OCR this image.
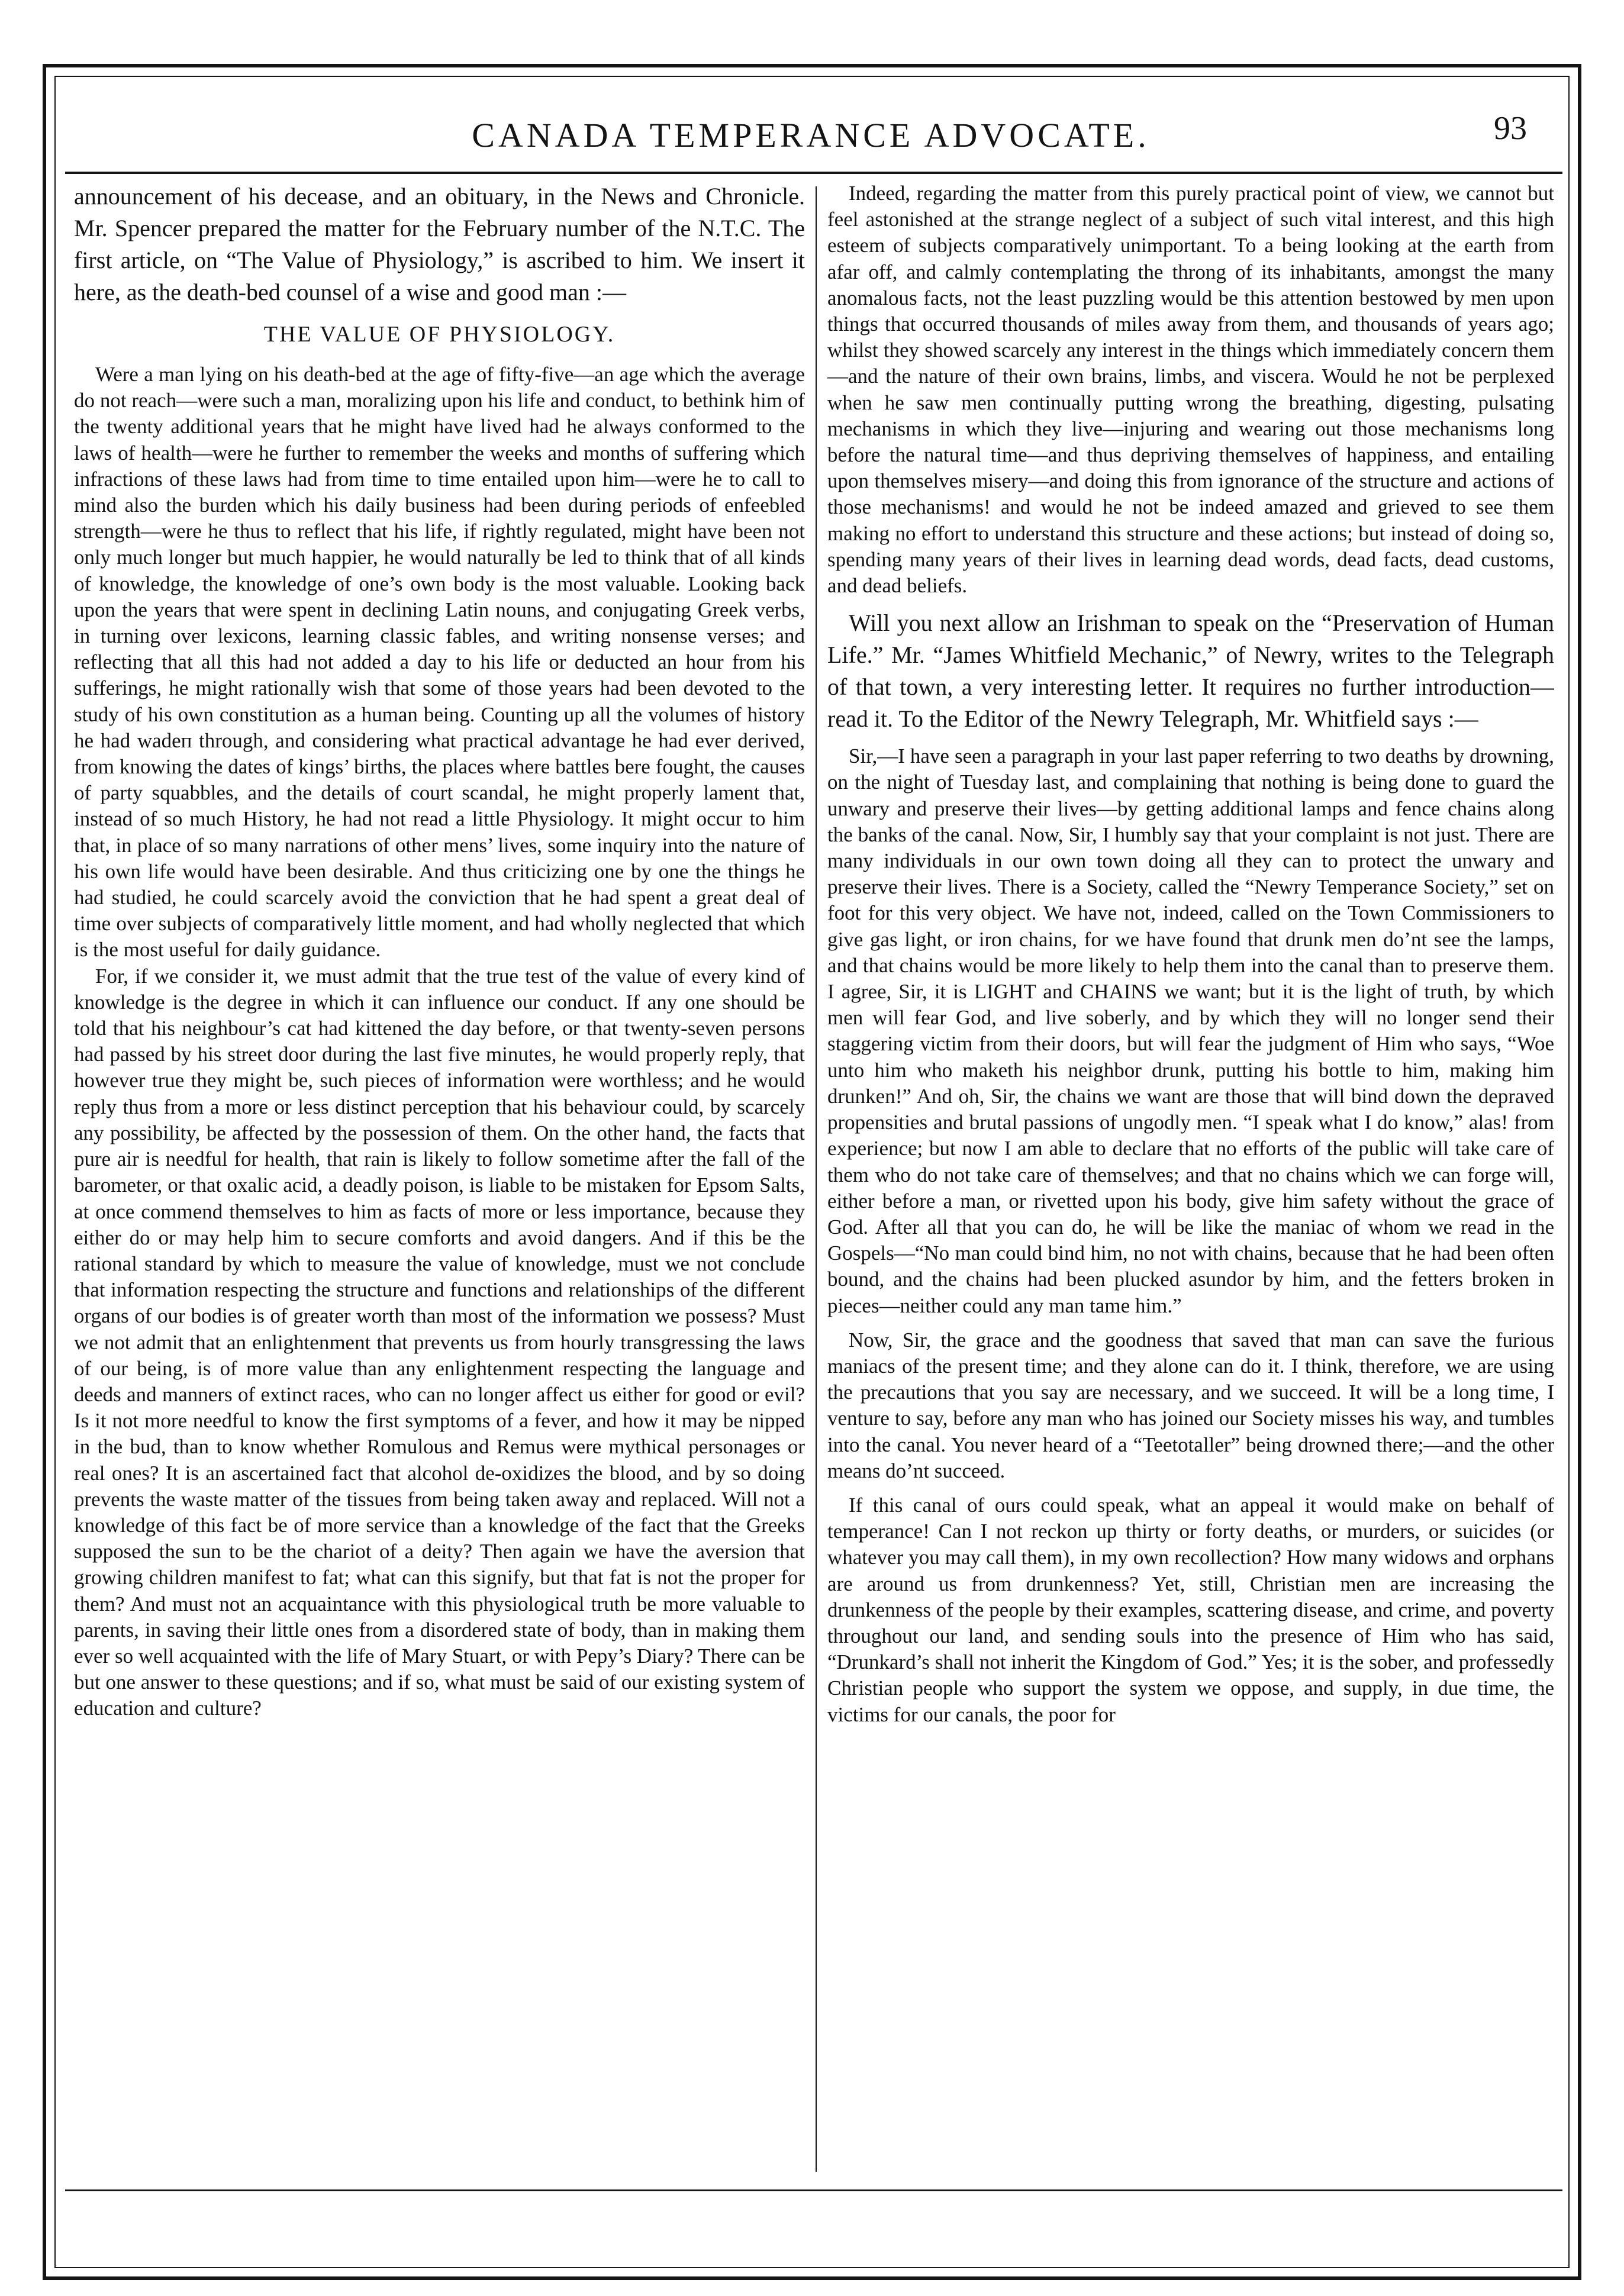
CANADA TEMPERANCE ADVOCATE.	93

announcement of his decease, and an obituary, in the News and Chronicle. Mr. Spencer prepared the matter for the February number of the N.T.C. The first article, on “The Value of Physiology,” is ascribed to him. We insert it here, as the death-bed counsel of a wise and good man :—

THE VALUE OF PHYSIOLOGY.

Were a man lying on his death-bed at the age of fifty-five—an age which the average do not reach—were such a man, moralizing upon his life and conduct, to bethink him of the twenty additional years that he might have lived had he always conformed to the laws of health—were he further to remember the weeks and months of suffering which infractions of these laws had from time to time entailed upon him—were he to call to mind also the burden which his daily business had been during periods of enfeebled strength—were he thus to reflect that his life, if rightly regulated, might have been not only much longer but much happier, he would naturally be led to think that of all kinds of knowledge, the knowledge of one’s own body is the most valuable. Looking back upon the years that were spent in declining Latin nouns, and conjugating Greek verbs, in turning over lexicons, learning classic fables, and writing nonsense verses; and reflecting that all this had not added a day to his life or deducted an hour from his sufferings, he might rationally wish that some of those years had been devoted to the study of his own constitution as a human being. Counting up all the volumes of history he had wadeп through, and considering what practical advantage he had ever derived, from knowing the dates of kings’ births, the places where battles bere fought, the causes of party squabbles, and the details of court scandal, he might properly lament that, instead of so much History, he had not read a little Physiology. It might occur to him that, in place of so many narrations of other mens’ lives, some inquiry into the nature of his own life would have been desirable. And thus criticizing one by one the things he had studied, he could scarcely avoid the conviction that he had spent a great deal of time over subjects of comparatively little moment, and had wholly neglected that which is the most useful for daily guidance.

For, if we consider it, we must admit that the true test of the value of every kind of knowledge is the degree in which it can influence our conduct. If any one should be told that his neighbour’s cat had kittened the day before, or that twenty-seven persons had passed by his street door during the last five minutes, he would properly reply, that however true they might be, such pieces of information were worthless; and he would reply thus from a more or less distinct perception that his behaviour could, by scarcely any possibility, be affected by the possession of them. On the other hand, the facts that pure air is needful for health, that rain is likely to follow sometime after the fall of the barometer, or that oxalic acid, a deadly poison, is liable to be mistaken for Epsom Salts, at once commend themselves to him as facts of more or less importance, because they either do or may help him to secure comforts and avoid dangers. And if this be the rational standard by which to measure the value of knowledge, must we not conclude that information respecting the structure and functions and relationships of the different organs of our bodies is of greater worth than most of the information we possess? Must we not admit that an enlightenment that prevents us from hourly transgressing the laws of our being, is of more value than any enlightenment respecting the language and deeds and manners of extinct races, who can no longer affect us either for good or evil? Is it not more needful to know the first symptoms of a fever, and how it may be nipped in the bud, than to know whether Romulous and Remus were mythical personages or real ones? It is an ascertained fact that alcohol de-oxidizes the blood, and by so doing prevents the waste matter of the tissues from being taken away and replaced. Will not a knowledge of this fact be of more service than a knowledge of the fact that the Greeks supposed the sun to be the chariot of a deity? Then again we have the aversion that growing children manifest to fat; what can this signify, but that fat is not the proper for them? And must not an acquaintance with this physiological truth be more valuable to parents, in saving their little ones from a disordered state of body, than in making them ever so well acquainted with the life of Mary Stuart, or with Pepy’s Diary? There can be but one answer to these questions; and if so, what must be said of our existing system of education and culture?

Indeed, regarding the matter from this purely practical point of view, we cannot but feel astonished at the strange neglect of a subject of such vital interest, and this high esteem of subjects comparatively unimportant. To a being looking at the earth from afar off, and calmly contemplating the throng of its inhabitants, amongst the many anomalous facts, not the least puzzling would be this attention bestowed by men upon things that occurred thousands of miles away from them, and thousands of years ago; whilst they showed scarcely any interest in the things which immediately concern them—and the nature of their own brains, limbs, and viscera. Would he not be perplexed when he saw men continually putting wrong the breathing, digesting, pulsating mechanisms in which they live—injuring and wearing out those mechanisms long before the natural time—and thus depriving themselves of happiness, and entailing upon themselves misery—and doing this from ignorance of the structure and actions of those mechanisms! and would he not be indeed amazed and grieved to see them making no effort to understand this structure and these actions; but instead of doing so, spending many years of their lives in learning dead words, dead facts, dead customs, and dead beliefs.

Will you next allow an Irishman to speak on the “Preservation of Human Life.” Mr. “James Whitfield Mechanic,” of Newry, writes to the Telegraph of that town, a very interesting letter. It requires no further introduction—read it. To the Editor of the Newry Telegraph, Mr. Whitfield says :—

Sir,—I have seen a paragraph in your last paper referring to two deaths by drowning, on the night of Tuesday last, and complaining that nothing is being done to guard the unwary and preserve their lives—by getting additional lamps and fence chains along the banks of the canal. Now, Sir, I humbly say that your complaint is not just. There are many individuals in our own town doing all they can to protect the unwary and preserve their lives. There is a Society, called the “Newry Temperance Society,” set on foot for this very object. We have not, indeed, called on the Town Commissioners to give gas light, or iron chains, for we have found that drunk men do’nt see the lamps, and that chains would be more likely to help them into the canal than to preserve them. I agree, Sir, it is LIGHT and CHAINS we want; but it is the light of truth, by which men will fear God, and live soberly, and by which they will no longer send their staggering victim from their doors, but will fear the judgment of Him who says, “Woe unto him who maketh his neighbor drunk, putting his bottle to him, making him drunken!” And oh, Sir, the chains we want are those that will bind down the depraved propensities and brutal passions of ungodly men. “I speak what I do know,” alas! from experience; but now I am able to declare that no efforts of the public will take care of them who do not take care of themselves; and that no chains which we can forge will, either before a man, or rivetted upon his body, give him safety without the grace of God. After all that you can do, he will be like the maniac of whom we read in the Gospels—“No man could bind him, no not with chains, because that he had been often bound, and the chains had been plucked asundor by him, and the fetters broken in pieces—neither could any man tame him.”

Now, Sir, the grace and the goodness that saved that man can save the furious maniacs of the present time; and they alone can do it. I think, therefore, we are using the precautions that you say are necessary, and we succeed. It will be a long time, I venture to say, before any man who has joined our Society misses his way, and tumbles into the canal. You never heard of a “Teetotaller” being drowned there;—and the other means do’nt succeed.

If this canal of ours could speak, what an appeal it would make on behalf of temperance! Can I not reckon up thirty or forty deaths, or murders, or suicides (or whatever you may call them), in my own recollection? How many widows and orphans are around us from drunkenness? Yet, still, Christian men are increasing the drunkenness of the people by their examples, scattering disease, and crime, and poverty throughout our land, and sending souls into the presence of Him who has said, “Drunkard’s shall not inherit the Kingdom of God.” Yes; it is the sober, and professedly Christian people who support the system we oppose, and supply, in due time, the victims for our canals, the poor for
